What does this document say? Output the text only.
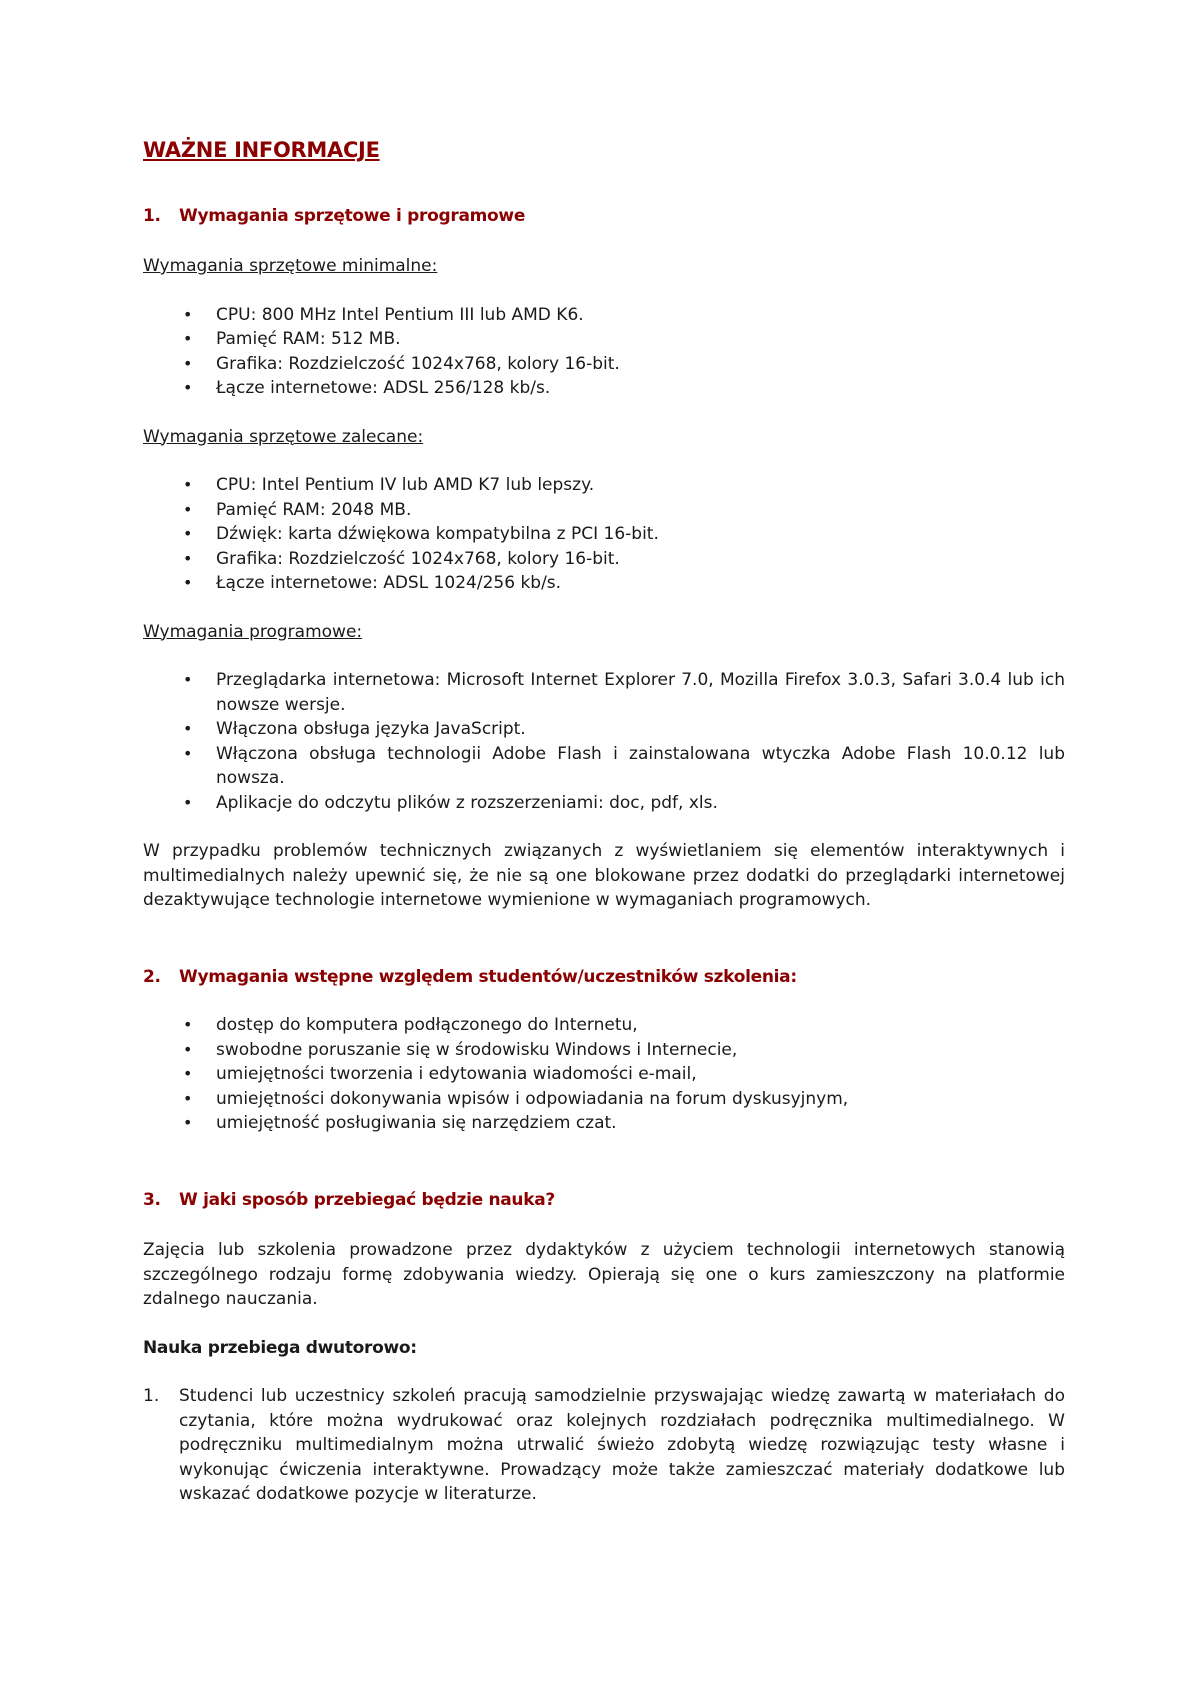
WAŻNE INFORMACJE
1.	Wymagania sprzętowe i programowe
Wymagania sprzętowe minimalne:
• CPU: 800 MHz Intel Pentium III lub AMD K6.
• Pamięć RAM: 512 MB.
• Grafika: Rozdzielczość 1024x768, kolory 16-bit.
• Łącze internetowe: ADSL 256/128 kb/s.
Wymagania sprzętowe zalecane:
• CPU: Intel Pentium IV lub AMD K7 lub lepszy.
• Pamięć RAM: 2048 MB.
• Dźwięk: karta dźwiękowa kompatybilna z PCI 16-bit.
• Grafika: Rozdzielczość 1024x768, kolory 16-bit.
• Łącze internetowe: ADSL 1024/256 kb/s.
Wymagania programowe:
• Przeglądarka internetowa: Microsoft Internet Explorer 7.0, Mozilla Firefox 3.0.3, Safari 3.0.4 lub ich nowsze wersje.
• Włączona obsługa języka JavaScript.
• Włączona obsługa technologii Adobe Flash i zainstalowana wtyczka Adobe Flash 10.0.12 lub nowsza.
• Aplikacje do odczytu plików z rozszerzeniami: doc, pdf, xls.

W przypadku problemów technicznych związanych z wyświetlaniem się elementów interaktywnych i multimedialnych należy upewnić się, że nie są one blokowane przez dodatki do przeglądarki internetowej dezaktywujące technologie internetowe wymienione w wymaganiach programowych.

2.	Wymagania wstępne względem studentów/uczestników szkolenia:
• dostęp do komputera podłączonego do Internetu,
• swobodne poruszanie się w środowisku Windows i Internecie,
• umiejętności tworzenia i edytowania wiadomości e-mail,
• umiejętności dokonywania wpisów i odpowiadania na forum dyskusyjnym,
• umiejętność posługiwania się narzędziem czat.
3.	W jaki sposób przebiegać będzie nauka?

Zajęcia lub szkolenia prowadzone przez dydaktyków z użyciem technologii internetowych stanowią szczególnego rodzaju formę zdobywania wiedzy. Opierają się one o kurs zamieszczony na platformie zdalnego nauczania.

Nauka przebiega dwutorowo:
1. Studenci lub uczestnicy szkoleń pracują samodzielnie przyswajając wiedzę zawartą w materiałach do czytania, które można wydrukować oraz kolejnych rozdziałach podręcznika multimedialnego. W podręczniku multimedialnym można utrwalić świeżo zdobytą wiedzę rozwiązując testy własne i wykonując ćwiczenia interaktywne. Prowadzący może także zamieszczać materiały dodatkowe lub wskazać dodatkowe pozycje w literaturze.
